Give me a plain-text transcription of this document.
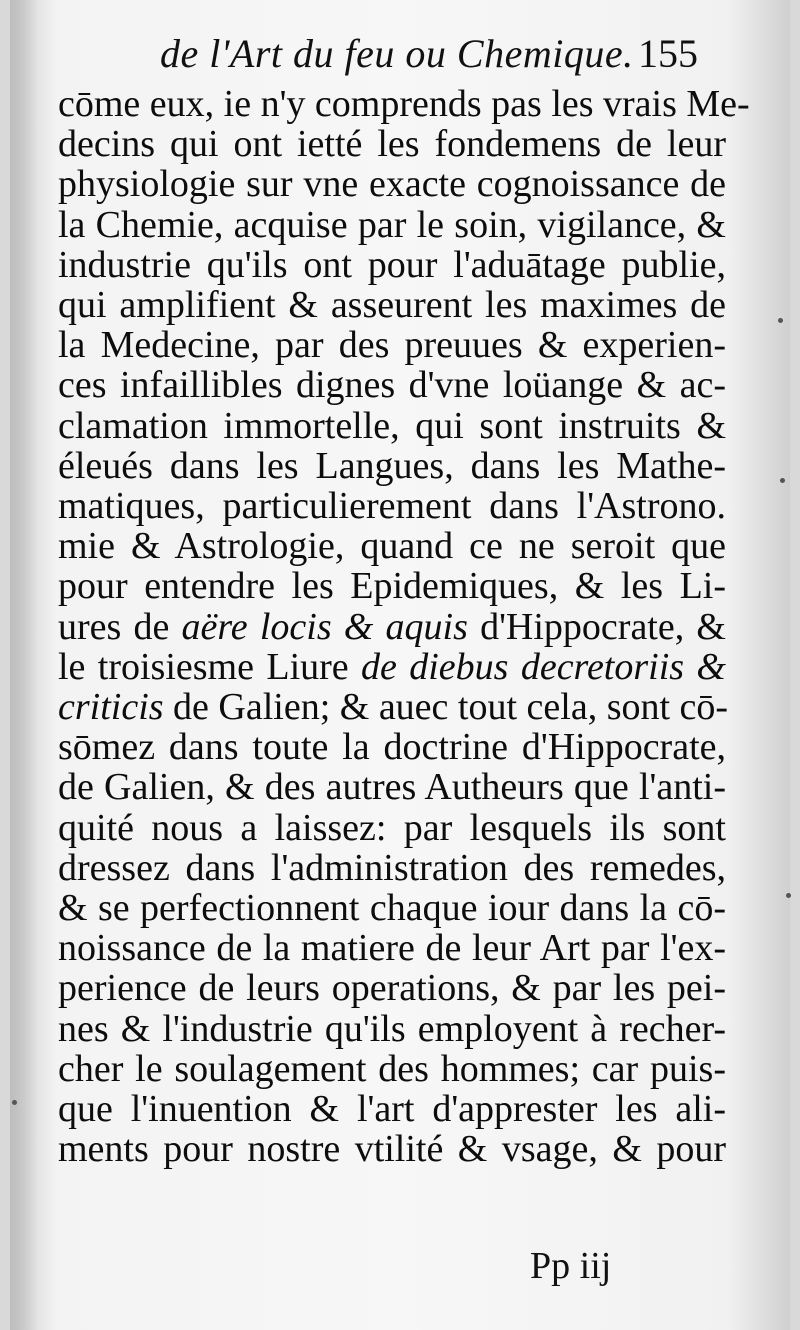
de l'Art du feu ou Chemique. 155
cōme eux, ie n'y comprends pas les vrais Me-
decins qui ont ietté les fondemens de leur
physiologie sur vne exacte cognoissance de
la Chemie, acquise par le soin, vigilance, &
industrie qu'ils ont pour l'aduātage publie,
qui amplifient & asseurent les maximes de
la Medecine, par des preuues & experien-
ces infaillibles dignes d'vne loüange & ac-
clamation immortelle, qui sont instruits &
éleués dans les Langues, dans les Mathe-
matiques, particulierement dans l'Astrono.
mie & Astrologie, quand ce ne seroit que
pour entendre les Epidemiques, & les Li-
ures de aëre locis & aquis d'Hippocrate, &
le troisiesme Liure de diebus decretoriis &
criticis de Galien; & auec tout cela, sont cō-
sōmez dans toute la doctrine d'Hippocrate,
de Galien, & des autres Autheurs que l'anti-
quité nous a laissez: par lesquels ils sont
dressez dans l'administration des remedes,
& se perfectionnent chaque iour dans la cō-
noissance de la matiere de leur Art par l'ex-
perience de leurs operations, & par les pei-
nes & l'industrie qu'ils employent à recher-
cher le soulagement des hommes; car puis-
que l'inuention & l'art d'apprester les ali-
ments pour nostre vtilité & vsage, & pour
Pp iij
